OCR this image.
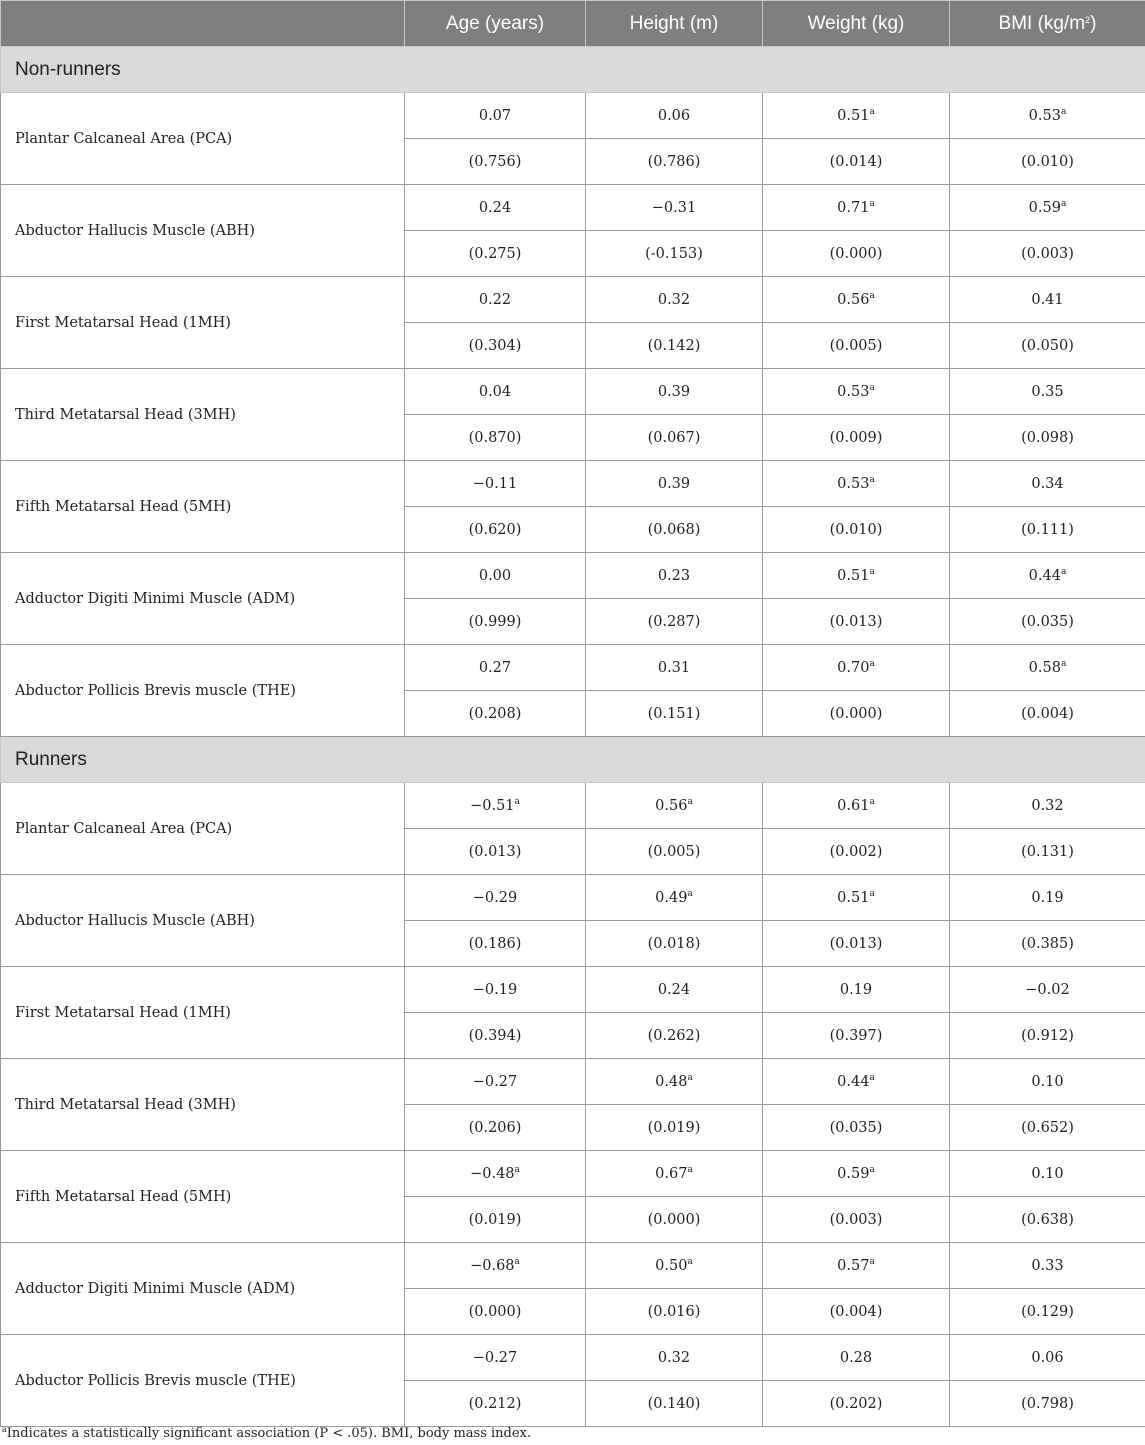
	Age (years)	Height (m)	Weight (kg)	BMI $(kg/m^2)$
Non-runners				
Plantar Calcaneal Area (PCA)	0.07	0.06	0.51$^a$	0.53$^a$
	(0.756)	(0.786)	(0.014)	(0.010)
Abductor Hallucis Muscle (ABH)	0.24	−0.31	0.71$^a$	0.59$^a$
	(0.275)	(-0.153)	(0.000)	(0.003)
First Metatarsal Head (1MH)	0.22	0.32	0.56$^a$	0.41
	(0.304)	(0.142)	(0.005)	(0.050)
Third Metatarsal Head (3MH)	0.04	0.39	0.53$^a$	0.35
	(0.870)	(0.067)	(0.009)	(0.098)
Fifth Metatarsal Head (5MH)	−0.11	0.39	0.53$^a$	0.34
	(0.620)	(0.068)	(0.010)	(0.111)
Adductor Digiti Minimi Muscle (ADM)	0.00	0.23	0.51$^a$	0.44$^a$
	(0.999)	(0.287)	(0.013)	(0.035)
Abductor Pollicis Brevis muscle (THE)	0.27	0.31	0.70$^a$	0.58$^a$
	(0.208)	(0.151)	(0.000)	(0.004)
Runners				
Plantar Calcaneal Area (PCA)	−0.51$^a$	0.56$^a$	0.61$^a$	0.32
	(0.013)	(0.005)	(0.002)	(0.131)
Abductor Hallucis Muscle (ABH)	−0.29	0.49$^a$	0.51$^a$	0.19
	(0.186)	(0.018)	(0.013)	(0.385)
First Metatarsal Head (1MH)	−0.19	0.24	0.19	−0.02
	(0.394)	(0.262)	(0.397)	(0.912)
Third Metatarsal Head (3MH)	−0.27	0.48$^a$	0.44$^a$	0.10
	(0.206)	(0.019)	(0.035)	(0.652)
Fifth Metatarsal Head (5MH)	−0.48$^a$	0.67$^a$	0.59$^a$	0.10
	(0.019)	(0.000)	(0.003)	(0.638)
Adductor Digiti Minimi Muscle (ADM)	−0.68$^a$	0.50$^a$	0.57$^a$	0.33
	(0.000)	(0.016)	(0.004)	(0.129)
Abductor Pollicis Brevis muscle (THE)	−0.27	0.32	0.28	0.06
	(0.212)	(0.140)	(0.202)	(0.798)
$^a$Indicates a statistically significant association (P < .05). BMI, body mass index.
